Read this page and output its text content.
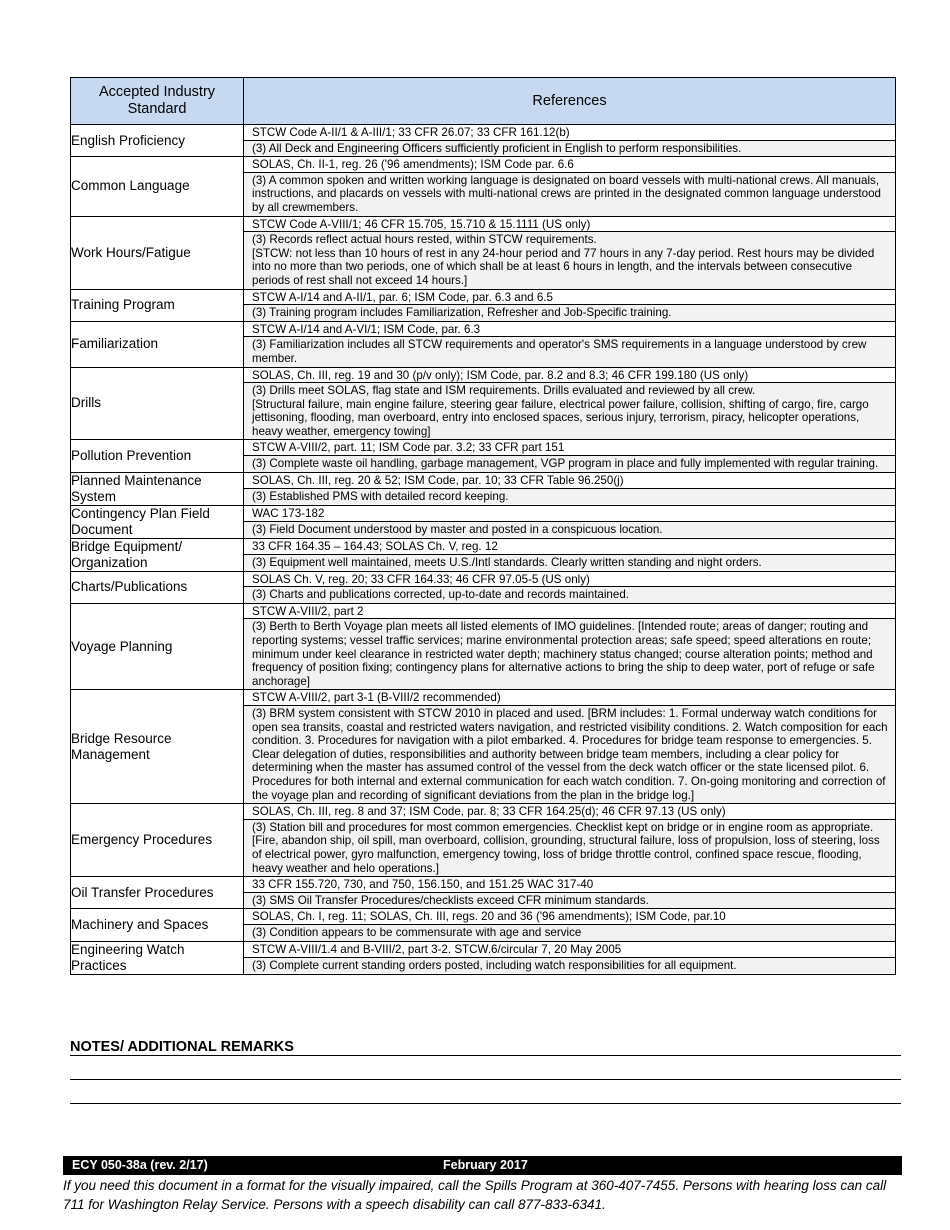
Accepted Industry Standard	References
English Proficiency	STCW Code A-II/1 & A-III/1; 33 CFR 26.07; 33 CFR 161.12(b)
(3) All Deck and Engineering Officers sufficiently proficient in English to perform responsibilities.

Common Language	SOLAS, Ch. II-1, reg. 26 ('96 amendments); ISM Code par. 6.6
(3) A common spoken and written working language is designated on board vessels with multi-national crews. All manuals, instructions, and placards on vessels with multi-national crews are printed in the designated common language understood by all crewmembers.

Work Hours/Fatigue	STCW Code A-VIII/1; 46 CFR 15.705, 15.710 & 15.1111 (US only)
(3) Records reflect actual hours rested, within STCW requirements.
[STCW: not less than 10 hours of rest in any 24-hour period and 77 hours in any 7-day period. Rest hours may be divided into no more than two periods, one of which shall be at least 6 hours in length, and the intervals between consecutive periods of rest shall not exceed 14 hours.]

Training Program	STCW A-I/14 and A-II/1, par. 6; ISM Code, par. 6.3 and 6.5
(3) Training program includes Familiarization, Refresher and Job-Specific training.

Familiarization	STCW A-I/14 and A-VI/1; ISM Code, par. 6.3
(3) Familiarization includes all STCW requirements and operator's SMS requirements in a language understood by crew member.

Drills	SOLAS, Ch. III, reg. 19 and 30 (p/v only); ISM Code, par. 8.2 and 8.3; 46 CFR 199.180 (US only)
(3) Drills meet SOLAS, flag state and ISM requirements. Drills evaluated and reviewed by all crew.
[Structural failure, main engine failure, steering gear failure, electrical power failure, collision, shifting of cargo, fire, cargo jettisoning, flooding, man overboard, entry into enclosed spaces, serious injury, terrorism, piracy, helicopter operations, heavy weather, emergency towing]

Pollution Prevention	STCW A-VIII/2, part. 11; ISM Code par. 3.2; 33 CFR part 151
(3) Complete waste oil handling, garbage management, VGP program in place and fully implemented with regular training.

Planned Maintenance System	SOLAS, Ch. III, reg. 20 & 52; ISM Code, par. 10; 33 CFR Table 96.250(j)
(3) Established PMS with detailed record keeping.

Contingency Plan Field Document	WAC 173-182
(3) Field Document understood by master and posted in a conspicuous location.

Bridge Equipment/ Organization	33 CFR 164.35 – 164.43; SOLAS Ch. V, reg. 12
(3) Equipment well maintained, meets U.S./Intl standards. Clearly written standing and night orders.

Charts/Publications	SOLAS Ch. V, reg. 20; 33 CFR 164.33; 46 CFR 97.05-5 (US only)
(3) Charts and publications corrected, up-to-date and records maintained.

Voyage Planning	STCW A-VIII/2, part 2
(3) Berth to Berth Voyage plan meets all listed elements of IMO guidelines. [Intended route; areas of danger; routing and reporting systems; vessel traffic services; marine environmental protection areas; safe speed; speed alterations en route; minimum under keel clearance in restricted water depth; machinery status changed; course alteration points; method and frequency of position fixing; contingency plans for alternative actions to bring the ship to deep water, port of refuge or safe anchorage]

Bridge Resource Management	STCW A-VIII/2, part 3-1 (B-VIII/2 recommended)
(3) BRM system consistent with STCW 2010 in placed and used. [BRM includes: 1. Formal underway watch conditions for open sea transits, coastal and restricted waters navigation, and restricted visibility conditions. 2. Watch composition for each condition. 3. Procedures for navigation with a pilot embarked. 4. Procedures for bridge team response to emergencies. 5. Clear delegation of duties, responsibilities and authority between bridge team members, including a clear policy for determining when the master has assumed control of the vessel from the deck watch officer or the state licensed pilot. 6. Procedures for both internal and external communication for each watch condition. 7. On-going monitoring and correction of the voyage plan and recording of significant deviations from the plan in the bridge log.]

Emergency Procedures	SOLAS, Ch. III, reg. 8 and 37; ISM Code, par. 8; 33 CFR 164.25(d); 46 CFR 97.13 (US only)
(3) Station bill and procedures for most common emergencies. Checklist kept on bridge or in engine room as appropriate. [Fire, abandon ship, oil spill, man overboard, collision, grounding, structural failure, loss of propulsion, loss of steering, loss of electrical power, gyro malfunction, emergency towing, loss of bridge throttle control, confined space rescue, flooding, heavy weather and helo operations.]

Oil Transfer Procedures	33 CFR 155.720, 730, and 750, 156.150, and 151.25 WAC 317-40
(3) SMS Oil Transfer Procedures/checklists exceed CFR minimum standards.

Machinery and Spaces	SOLAS, Ch. I, reg. 11; SOLAS, Ch. III, regs. 20 and 36 ('96 amendments); ISM Code, par.10
(3) Condition appears to be commensurate with age and service

Engineering Watch Practices	STCW A-VIII/1.4 and B-VIII/2, part 3-2. STCW.6/circular 7, 20 May 2005
(3) Complete current standing orders posted, including watch responsibilities for all equipment.
NOTES/ ADDITIONAL REMARKS
ECY 050-38a (rev. 2/17)	February 2017
If you need this document in a format for the visually impaired, call the Spills Program at 360-407-7455. Persons with hearing loss can call 711 for Washington Relay Service. Persons with a speech disability can call 877-833-6341.
